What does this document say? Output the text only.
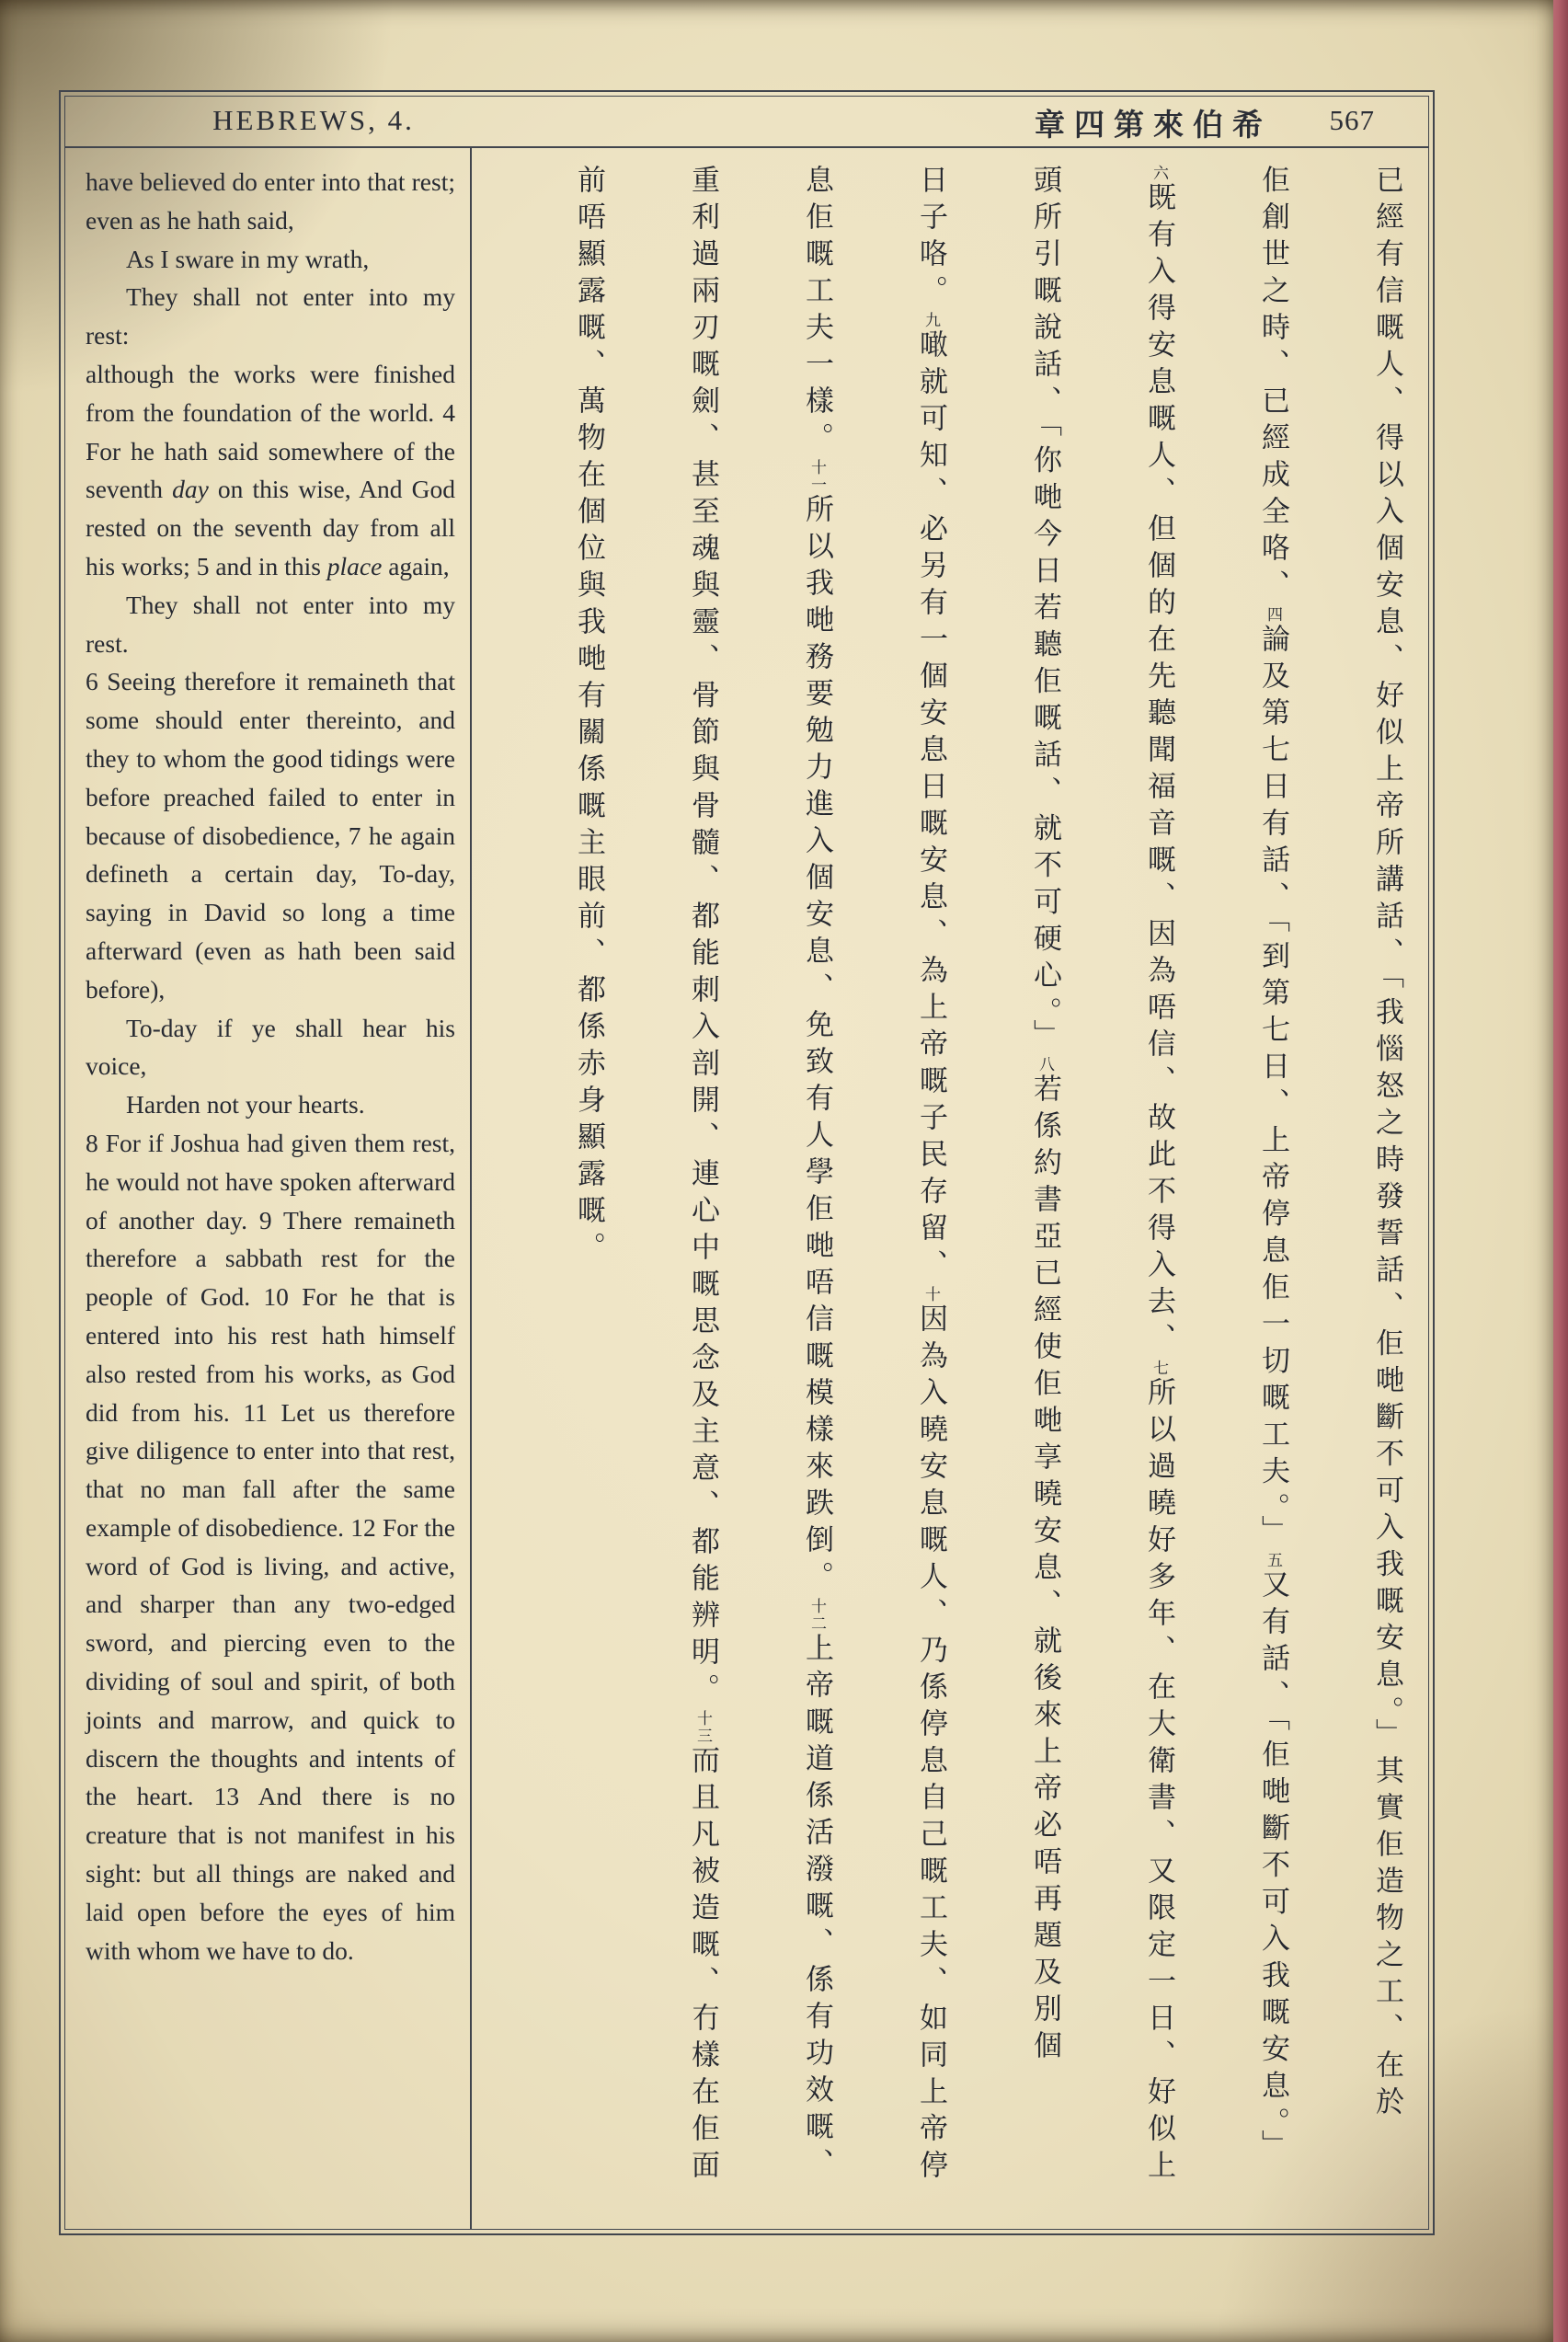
HEBREWS, 4.	章四第來伯希 567

have believed do enter into that rest; even as he hath said,

As I sware in my wrath,

They shall not enter into my rest:

although the works were finished from the foundation of the world. 4 For he hath said somewhere of the seventh day on this wise, And God rested on the seventh day from all his works; 5 and in this place again,

They shall not enter into my rest.

6 Seeing therefore it remaineth that some should enter thereinto, and they to whom the good tidings were before preached failed to enter in because of disobedience, 7 he again defineth a certain day, To-day, saying in David so long a time afterward (even as hath been said before),

To-day if ye shall hear his voice,

Harden not your hearts.

8 For if Joshua had given them rest, he would not have spoken afterward of another day. 9 There remaineth therefore a sabbath rest for the people of God. 10 For he that is entered into his rest hath himself also rested from his works, as God did from his. 11 Let us therefore give diligence to enter into that rest, that no man fall after the same example of disobedience. 12 For the word of God is living, and active, and sharper than any two-edged sword, and piercing even to the dividing of soul and spirit, of both joints and marrow, and quick to discern the thoughts and intents of the heart. 13 And there is no creature that is not manifest in his sight: but all things are naked and laid open before the eyes of him with whom we have to do.	已經有信嘅人、得以入個安息、好似上帝所講話、「我惱怒之時發誓話、佢哋斷不可入我嘅安息。」其實佢造物之工、在於

佢創世之時、已經成全咯、四論及第七日有話、「到第七日、上帝停息佢一切嘅工夫。」五又有話、「佢哋斷不可入我嘅安息。」

六既有入得安息嘅人、但個的在先聽聞福音嘅、因為唔信、故此不得入去、七所以過曉好多年、在大衛書、又限定一日、好似上

頭所引嘅說話、「你哋今日若聽佢嘅話、就不可硬心。」八若係約書亞已經使佢哋享曉安息、就後來上帝必唔再題及別個

日子咯。九噉就可知、必另有一個安息日嘅安息、為上帝嘅子民存留、十因為入曉安息嘅人、乃係停息自己嘅工夫、如同上帝停

息佢嘅工夫一樣。十一所以我哋務要勉力進入個安息、免致有人學佢哋唔信嘅模樣來跌倒。十二上帝嘅道係活潑嘅、係有功效嘅、

重利過兩刃嘅劍、甚至魂與靈、骨節與骨髓、都能刺入剖開、連心中嘅思念及主意、都能辨明。十三而且凡被造嘅、冇樣在佢面

前唔顯露嘅、萬物在個位與我哋有關係嘅主眼前、都係赤身顯露嘅。
